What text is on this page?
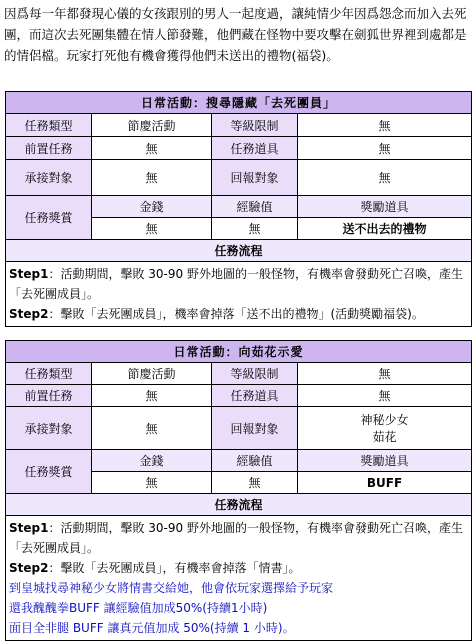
因爲每一年都發現心儀的女孩跟別的男人一起度過，讓純情少年因爲怨念而加入去死團，而這次去死團集體在情人節發難，他們藏在怪物中要攻擊在劍狐世界裡到處都是的情侶檔。玩家打死他有機會獲得他們未送出的禮物(福袋)。
日常活動：搜尋隱藏「去死團員」			
任務類型	節慶活動	等級限制	無
前置任務	無	任務道具	無
承接對象	無	回報對象	無
任務獎賞	金錢	經驗值	獎勵道具
	無	無	送不出去的禮物
任務流程			

Step1：活動期間，擊敗 30-90 野外地圖的一般怪物，有機率會發動死亡召喚，產生「去死團成員」。
Step2：擊敗「去死團成員」，機率會掉落「送不出的禮物」(活動獎勵福袋)。			
日常活動：向茹花示愛			
任務類型	節慶活動	等級限制	無
前置任務	無	任務道具	無
承接對象	無	回報對象	神秘少女
茹花

任務獎賞	金錢	經驗值	獎勵道具
	無	無	BUFF
任務流程			

Step1：活動期間，擊敗 30-90 野外地圖的一般怪物，有機率會發動死亡召喚，產生「去死團成員」。
Step2：擊敗「去死團成員」，有機率會掉落「情書」。
到皇城找尋神秘少女將情書交給她，他會依玩家選擇給予玩家
還我醜醜拳BUFF 讓經驗值加成50%(持續1小時)
面目全非腿 BUFF 讓真元值加成 50%(持續 1 小時)。			
